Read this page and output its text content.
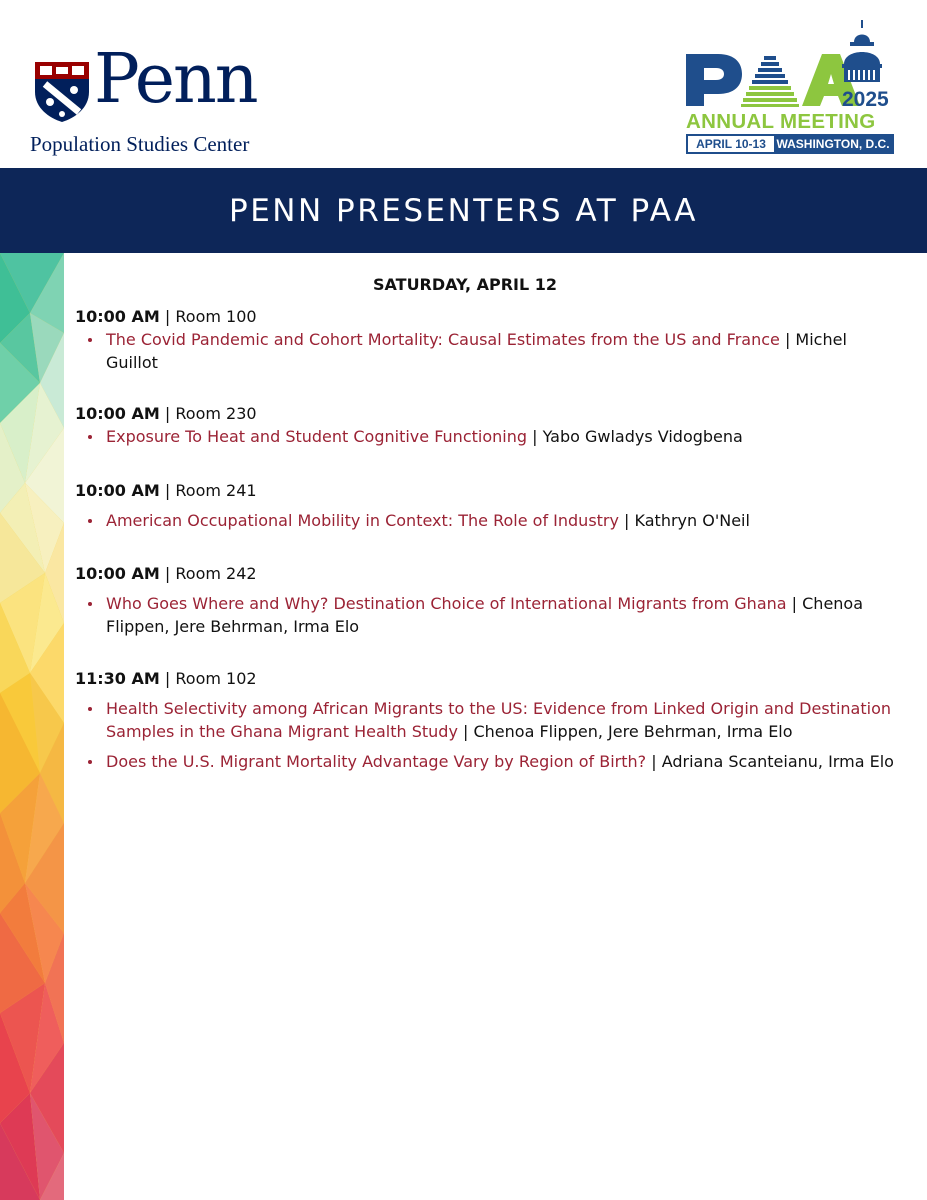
Penn
Population Studies Center
2025
ANNUAL MEETING
APRIL 10-13 WASHINGTON, D.C.
PENN PRESENTERS AT PAA
SATURDAY, APRIL 12
10:00 AM | Room 100
The Covid Pandemic and Cohort Mortality: Causal Estimates from the US and France | Michel Guillot
10:00 AM | Room 230
Exposure To Heat and Student Cognitive Functioning | Yabo Gwladys Vidogbena
10:00 AM | Room 241
American Occupational Mobility in Context: The Role of Industry | Kathryn O'Neil
10:00 AM | Room 242
Who Goes Where and Why? Destination Choice of International Migrants from Ghana | Chenoa Flippen, Jere Behrman, Irma Elo
11:30 AM | Room 102
Health Selectivity among African Migrants to the US: Evidence from Linked Origin and Destination Samples in the Ghana Migrant Health Study | Chenoa Flippen, Jere Behrman, Irma Elo
Does the U.S. Migrant Mortality Advantage Vary by Region of Birth? | Adriana Scanteianu, Irma Elo
